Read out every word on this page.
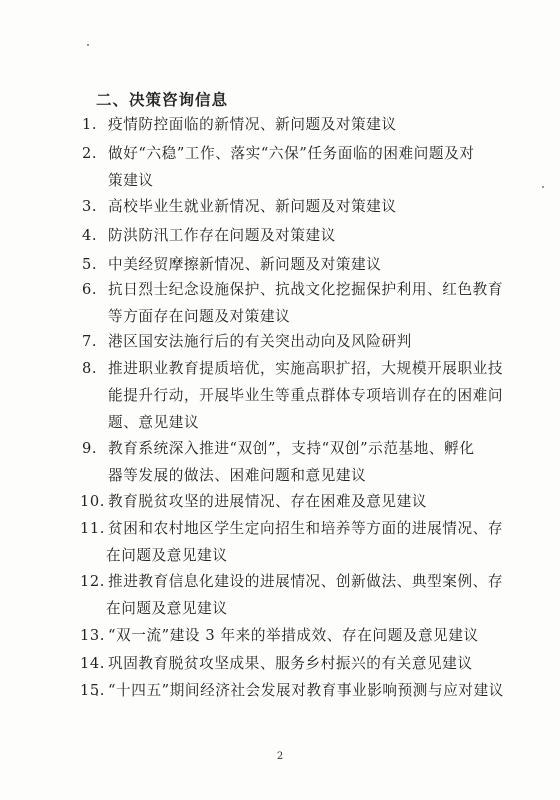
二、决策咨询信息
1. 疫情防控面临的新情况、新问题及对策建议
2. 做好“六稳”工作、落实“六保”任务面临的困难问题及对
策建议
3. 高校毕业生就业新情况、新问题及对策建议
4. 防洪防汛工作存在问题及对策建议
5. 中美经贸摩擦新情况、新问题及对策建议
6. 抗日烈士纪念设施保护、抗战文化挖掘保护利用、红色教育
等方面存在问题及对策建议
7. 港区国安法施行后的有关突出动向及风险研判
8. 推进职业教育提质培优，实施高职扩招，大规模开展职业技
能提升行动，开展毕业生等重点群体专项培训存在的困难问
题、意见建议
9. 教育系统深入推进“双创”，支持“双创”示范基地、孵化
器等发展的做法、困难问题和意见建议
10. 教育脱贫攻坚的进展情况、存在困难及意见建议
11. 贫困和农村地区学生定向招生和培养等方面的进展情况、存
在问题及意见建议
12. 推进教育信息化建设的进展情况、创新做法、典型案例、存
在问题及意见建议
13. “双一流”建设 3 年来的举措成效、存在问题及意见建议
14. 巩固教育脱贫攻坚成果、服务乡村振兴的有关意见建议
15. “十四五”期间经济社会发展对教育事业影响预测与应对建议
2
